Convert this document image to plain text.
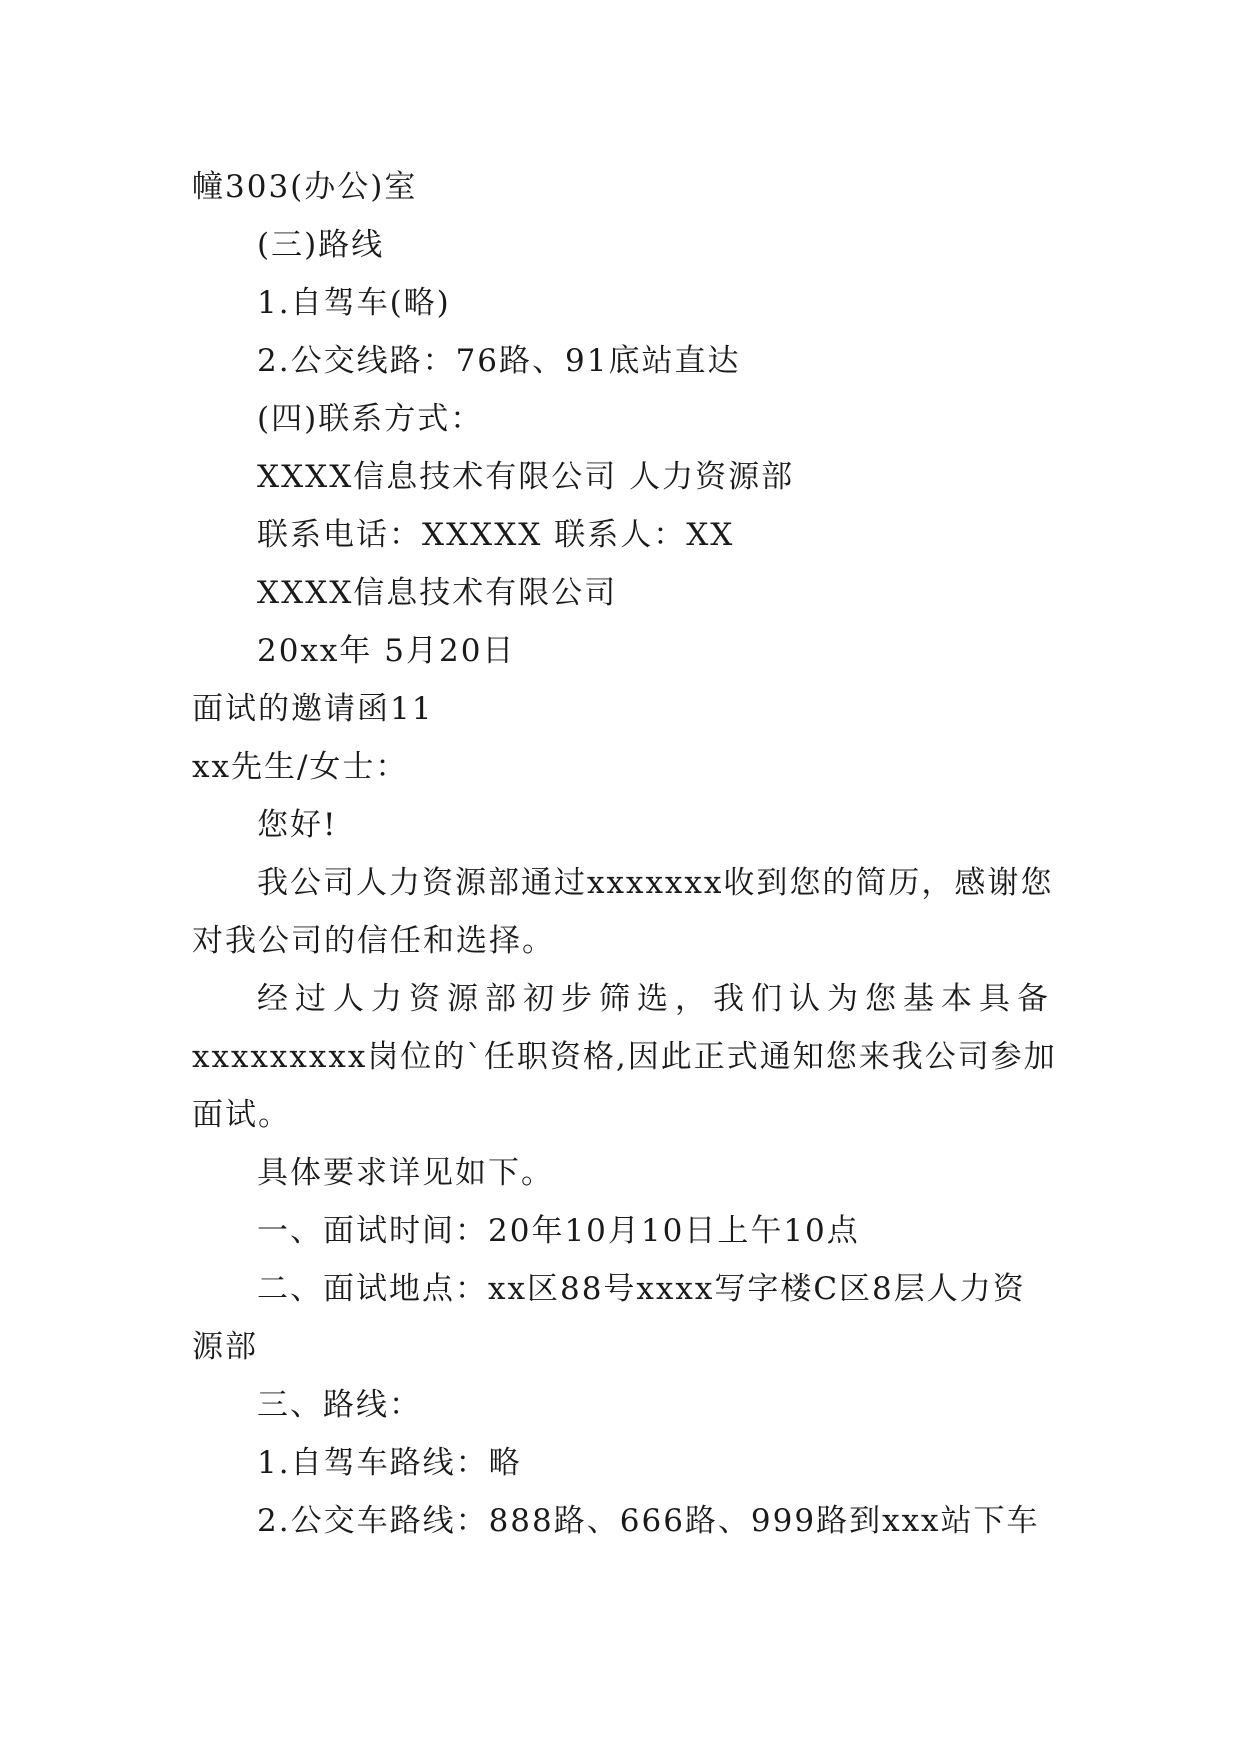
幢303(办公)室
(三)路线
1.自驾车(略)
2.公交线路：76路、91底站直达
(四)联系方式：
XXXX信息技术有限公司 人力资源部
联系电话：XXXXX 联系人：XX
XXXX信息技术有限公司
20xx年 5月20日
面试的邀请函11
xx先生/女士：
您好!
我公司人力资源部通过xxxxxxx收到您的简历，感谢您
对我公司的信任和选择。
经过人力资源部初步筛选，我们认为您基本具备
xxxxxxxxx岗位的`任职资格,因此正式通知您来我公司参加
面试。
具体要求详见如下。
一、面试时间：20年10月10日上午10点
二、面试地点：xx区88号xxxx写字楼C区8层人力资
源部
三、路线：
1.自驾车路线：略
2.公交车路线：888路、666路、999路到xxx站下车
